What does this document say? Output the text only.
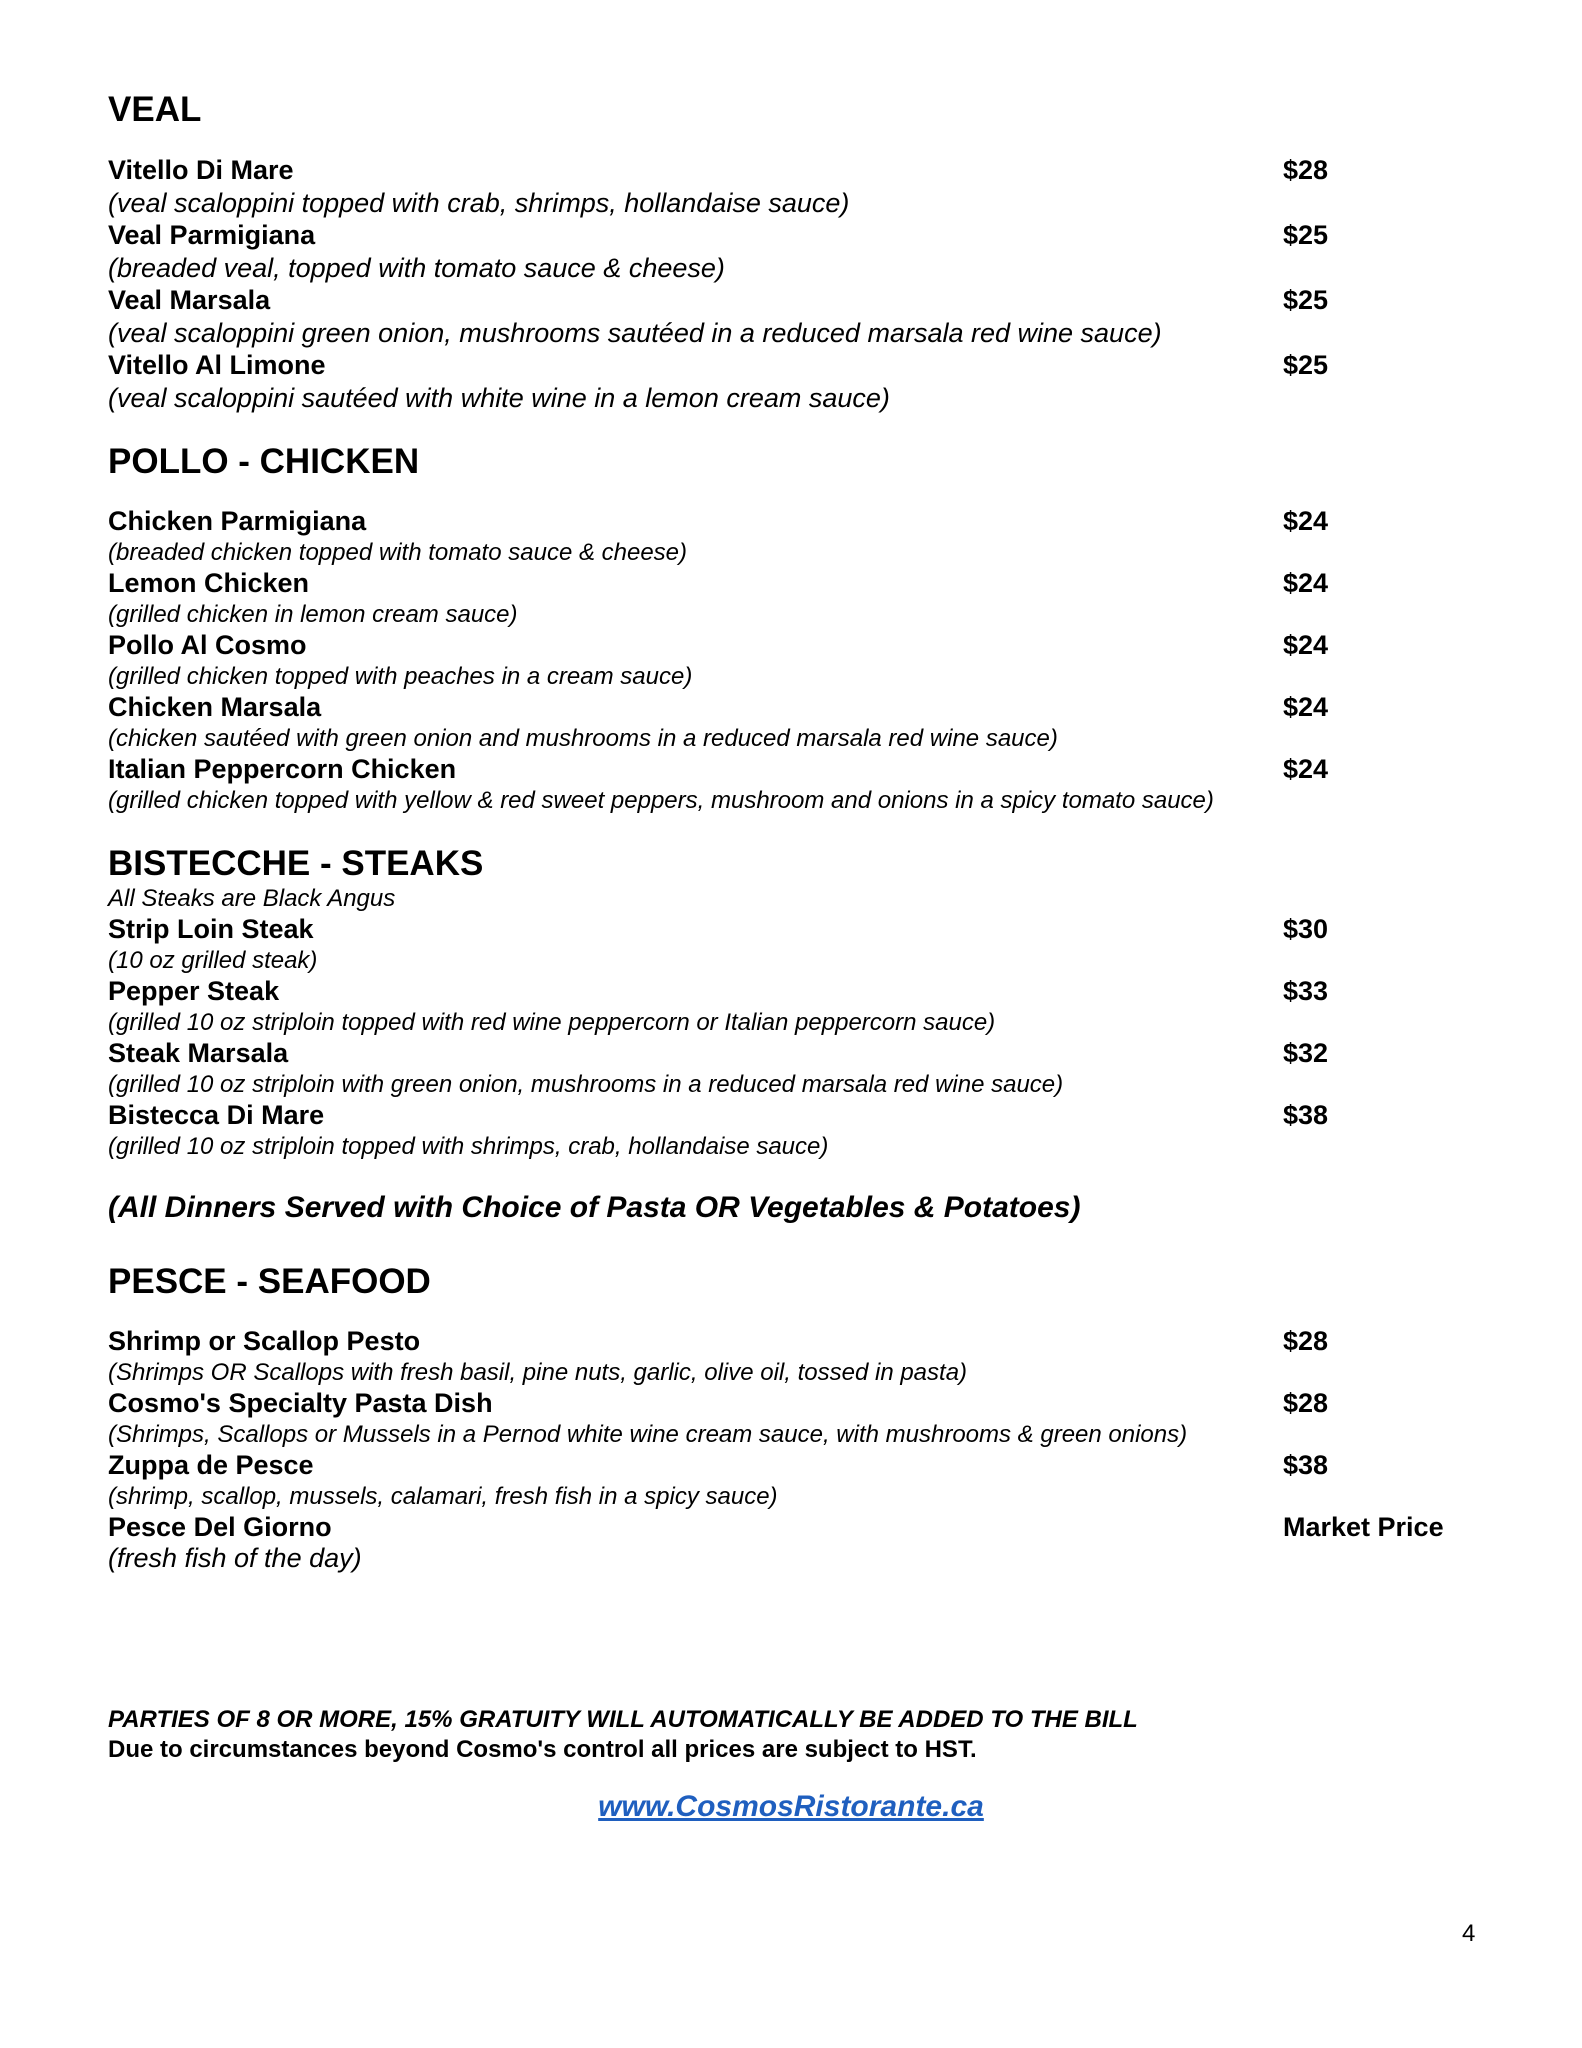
VEAL
Vitello Di Mare	$28
(veal scaloppini topped with crab, shrimps, hollandaise sauce)
Veal Parmigiana	$25
(breaded veal, topped with tomato sauce & cheese)
Veal Marsala	$25
(veal scaloppini green onion, mushrooms sautéed in a reduced marsala red wine sauce)
Vitello Al Limone	$25
(veal scaloppini sautéed with white wine in a lemon cream sauce)
POLLO - CHICKEN
Chicken Parmigiana	$24
(breaded chicken topped with tomato sauce & cheese)
Lemon Chicken	$24
(grilled chicken in lemon cream sauce)
Pollo Al Cosmo	$24
(grilled chicken topped with peaches in a cream sauce)
Chicken Marsala	$24
(chicken sautéed with green onion and mushrooms in a reduced marsala red wine sauce)
Italian Peppercorn Chicken	$24
(grilled chicken topped with yellow & red sweet peppers, mushroom and onions in a spicy tomato sauce)
BISTECCHE - STEAKS
All Steaks are Black Angus
Strip Loin Steak	$30
(10 oz grilled steak)
Pepper Steak	$33
(grilled 10 oz striploin topped with red wine peppercorn or Italian peppercorn sauce)
Steak Marsala	$32
(grilled 10 oz striploin with green onion, mushrooms in a reduced marsala red wine sauce)
Bistecca Di Mare	$38
(grilled 10 oz striploin topped with shrimps, crab, hollandaise sauce)
(All Dinners Served with Choice of Pasta OR Vegetables & Potatoes)
PESCE - SEAFOOD
Shrimp or Scallop Pesto	$28
(Shrimps OR Scallops with fresh basil, pine nuts, garlic, olive oil, tossed in pasta)
Cosmo's Specialty Pasta Dish	$28
(Shrimps, Scallops or Mussels in a Pernod white wine cream sauce, with mushrooms & green onions)
Zuppa de Pesce	$38
(shrimp, scallop, mussels, calamari, fresh fish in a spicy sauce)
Pesce Del Giorno	Market Price
(fresh fish of the day)
PARTIES OF 8 OR MORE, 15% GRATUITY WILL AUTOMATICALLY BE ADDED TO THE BILL
Due to circumstances beyond Cosmo's control all prices are subject to HST.
www.CosmosRistorante.ca
4
